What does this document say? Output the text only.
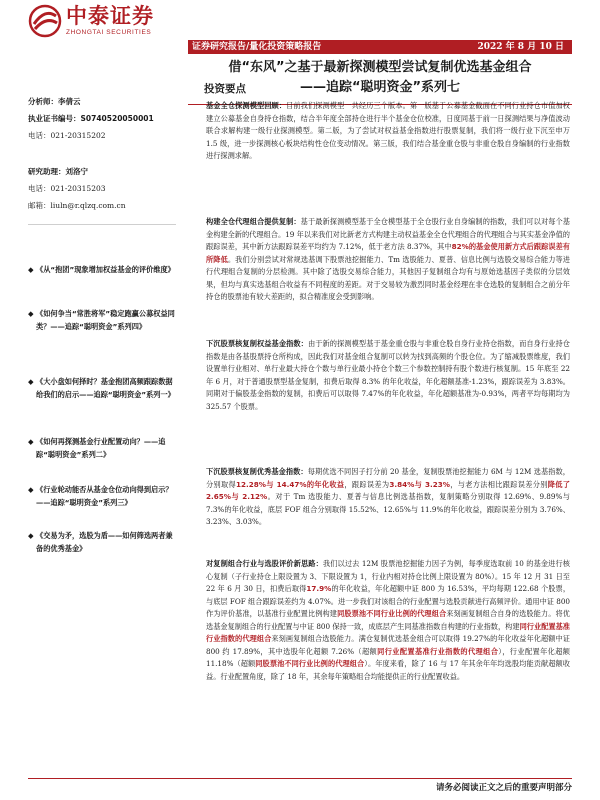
中泰证券
ZHONGTAI SECURITIES
证券研究报告/量化投资策略报告	2022 年 8 月 10 日
借“东风”之基于最新探测模型尝试复制优选基金组合
——追踪“聪明资金”系列七
投资要点
分析师：李倩云
执业证书编号：S0740520050001
电话：021-20315202
研究助理：刘洛宁
电话：021-20315203
邮箱：liuln@r.qlzq.com.cn
◆ 《从“抱团”现象增加权益基金的评价维度》
◆ 《如何争当“常胜将军”稳定跑赢公募权益同类？——追踪“聪明资金”系列四》
◆ 《大小盘如何择时？基金抱团高频跟踪数据给我们的启示——追踪“聪明资金”系列一》
◆ 《如何再探测基金行业配置动向？——追踪“聪明资金”系列二》
◆ 《行业轮动能否从基金仓位动向得到启示？——追踪“聪明资金”系列三》
◆ 《交易为矛，选股为盾——如何筛选两者兼备的优秀基金》
基金全仓探测模型回顾：目前我们探测模型一共经历三个版本。第一版基于公募基金截面在不同行业持仓市值加权建立公募基金自身持仓指数，结合半年度全部持仓进行半个基金仓位校准，日度同基于前一日探测结果与净值波动联合求解构建一级行业探测模型。第二版，为了尝试对权益基金指数进行股票复制，我们将一级行业下沉至申万 1.5 级，进一步探测核心板块结构性仓位变动情况。第三版，我们结合基金重仓股与非重仓股自身编制的行业指数进行探测求解。
构建全仓代理组合提供复制：基于最新探测模型基于全仓模型基于全仓股行业自身编制的指数，我们可以对每个基金构建全新的代理组合。19 年以来我们对比新老方式构建主动权益基金全仓代理组合的代理组合与其实基金净值的跟踪误差，其中新方法跟踪误差平均约为 7.12%，低于老方法 8.37%，其中82%的基金使用新方式后跟踪误差有所降低。我们分别尝试对常规选基调下股票池挖掘能力、Tm 选股能力、夏普、信息比例与选股交易综合能力等进行代理组合复制的分层检测。其中除了选股交易综合能力，其他因子复制组合均有与原始选基因子类似的分层效果，但均与真实选基组合收益有不同程度的差距。对于交易较为激烈同时基金经理在非仓选股的复制组合之前分年持仓的股票池有较大差距的，拟合精准度会受到影响。
下沉股票核复制权益基金指数：由于新的探测模型基于基金重仓股与非重仓股自身行业持仓指数，而自身行业持仓指数是由各基股票持仓所构成，因此我们对基金组合复制可以转为找到高频的个股仓位。为了缩减股票维度，我们设置单行业相对、单行业最大持仓个数与单行业最小持仓个数三个参数控制持有股个数进行核复制。15 年底至 22 年 6 月，对于普通股票型基金复制，扣费后取得 8.3% 的年化收益，年化超额基准-1.23%，跟踪误差为 3.83%。同期对于偏股基金指数的复制，扣费后可以取得 7.47%的年化收益，年化超额基准为-0.93%，两者平均每期均为 325.57 个股票。
下沉股票核复制优秀基金指数：每期优选不同因子打分前 20 基金，复制股票池挖掘能力 6M 与 12M 选基指数，分别取得12.28%与 14.47%的年化收益，跟踪误差为3.84%与 3.23%，与老方法相比跟踪误差分别降低了 2.65%与 2.12%。对于 Tm 选股能力、夏普与信息比例选基指数，复制策略分别取得 12.69%、9.89%与 7.3%的年化收益，底层 FOF 组合分别取得 15.52%、12.65%与 11.9%的年化收益，跟踪误差分别为 3.76%、3.23%、3.03%。
对复制组合行业与选股评价新思路：我们以过去 12M 股票池挖掘能力因子为例，每季度选取前 10 的基金进行核心复制（子行业持仓上限设置为 3、下限设置为 1，行业内相对持仓比例上限设置为 80%）。15 年 12 月 31 日至 22 年 6 月 30 日，扣费后取得17.9%的年化收益，年化超额中证 800 为 16.53%，平均每期 122.68 个股票，与底层 FOF 组合跟踪误差约为 4.07%。进一步我们对该组合的行业配置与选股贡献进行高频评价。通用中证 800 作为评价基准，以基准行业配置比例构建同股票池不同行业比例的代理组合来刻画复制组合自身的选股能力。将优选基金复制组合的行业配置与中证 800 保持一致，成底层产生同基准指数自构建的行业指数，构建同行业配置基准行业指数的代理组合来刻画复制组合选股能力。满仓复制优选基金组合可以取得 19.27%的年化收益年化超额中证 800 约 17.89%，其中选股年化超额 7.26%（超额同行业配置基准行业指数的代理组合），行业配置年化超额 11.18%（超额同股票池不同行业比例的代理组合）。年度来看，除了 16 与 17 年其余年年均选股均能贡献超额收益。行业配置角度，除了 18 年，其余每年策略组合均能提供正的行业配置收益。
请务必阅读正文之后的重要声明部分
